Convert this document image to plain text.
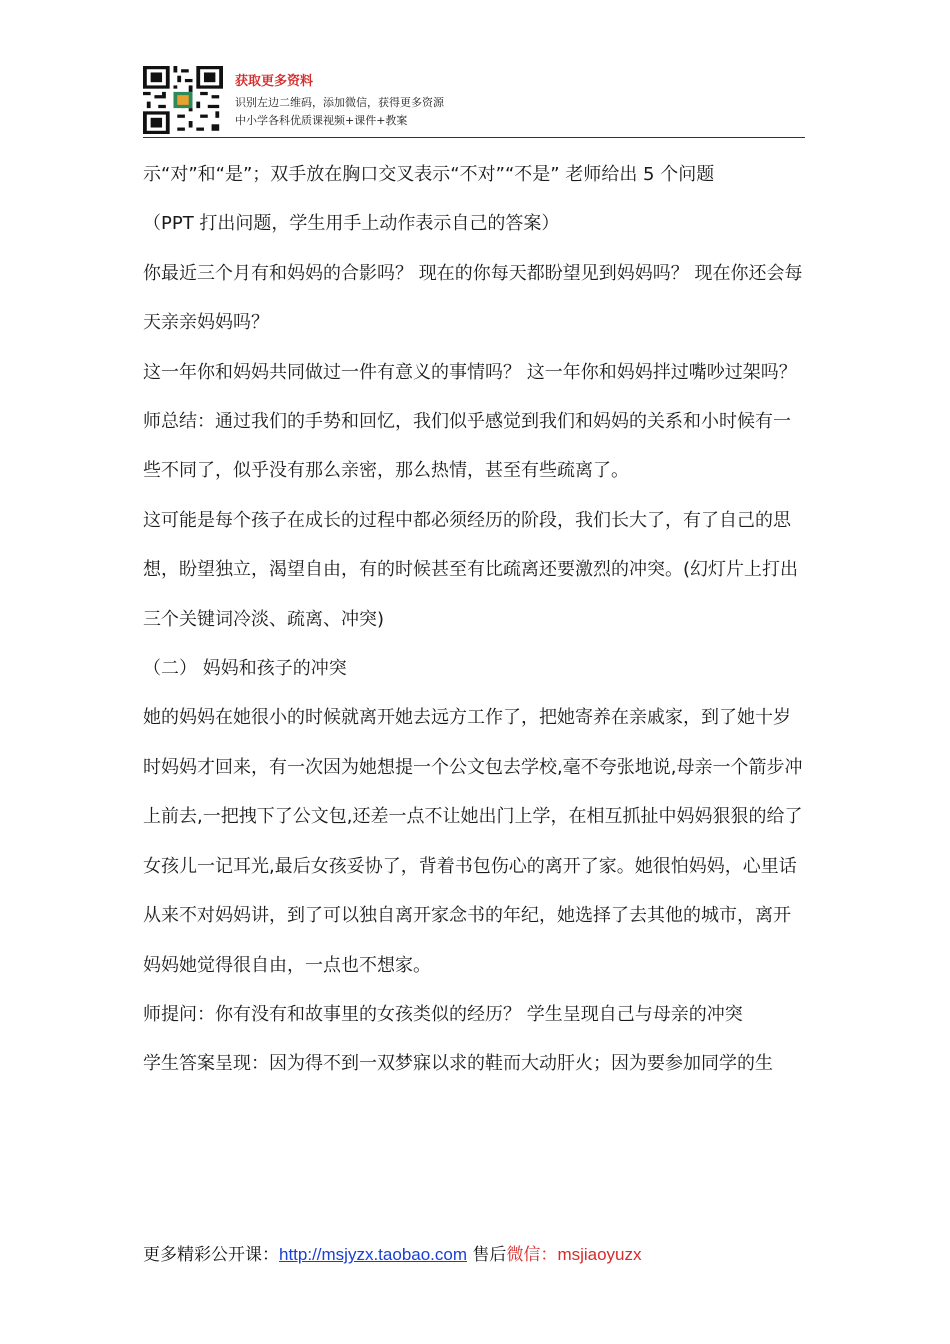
获取更多资料
识别左边二维码，添加微信，获得更多资源
中小学各科优质课视频+课件+教案

示“对”和“是”；双手放在胸口交叉表示“不对”“不是” 老师给出 5 个问题

（PPT 打出问题，学生用手上动作表示自己的答案）

你最近三个月有和妈妈的合影吗？ 现在的你每天都盼望见到妈妈吗？ 现在你还会每天亲亲妈妈吗？

这一年你和妈妈共同做过一件有意义的事情吗？ 这一年你和妈妈拌过嘴吵过架吗？

师总结：通过我们的手势和回忆，我们似乎感觉到我们和妈妈的关系和小时候有一些不同了，似乎没有那么亲密，那么热情，甚至有些疏离了。

这可能是每个孩子在成长的过程中都必须经历的阶段，我们长大了，有了自己的思想，盼望独立，渴望自由，有的时候甚至有比疏离还要激烈的冲突。(幻灯片上打出三个关键词冷淡、疏离、冲突)

（二） 妈妈和孩子的冲突

她的妈妈在她很小的时候就离开她去远方工作了，把她寄养在亲戚家，到了她十岁时妈妈才回来，有一次因为她想提一个公文包去学校,毫不夸张地说,母亲一个箭步冲上前去,一把拽下了公文包,还差一点不让她出门上学，在相互抓扯中妈妈狠狠的给了女孩儿一记耳光,最后女孩妥协了，背着书包伤心的离开了家。她很怕妈妈，心里话从来不对妈妈讲，到了可以独自离开家念书的年纪，她选择了去其他的城市，离开妈妈她觉得很自由，一点也不想家。

师提问：你有没有和故事里的女孩类似的经历？ 学生呈现自己与母亲的冲突

学生答案呈现：因为得不到一双梦寐以求的鞋而大动肝火；因为要参加同学的生

更多精彩公开课：http://msjyzx.taobao.com 售后微信：msjiaoyuzx
